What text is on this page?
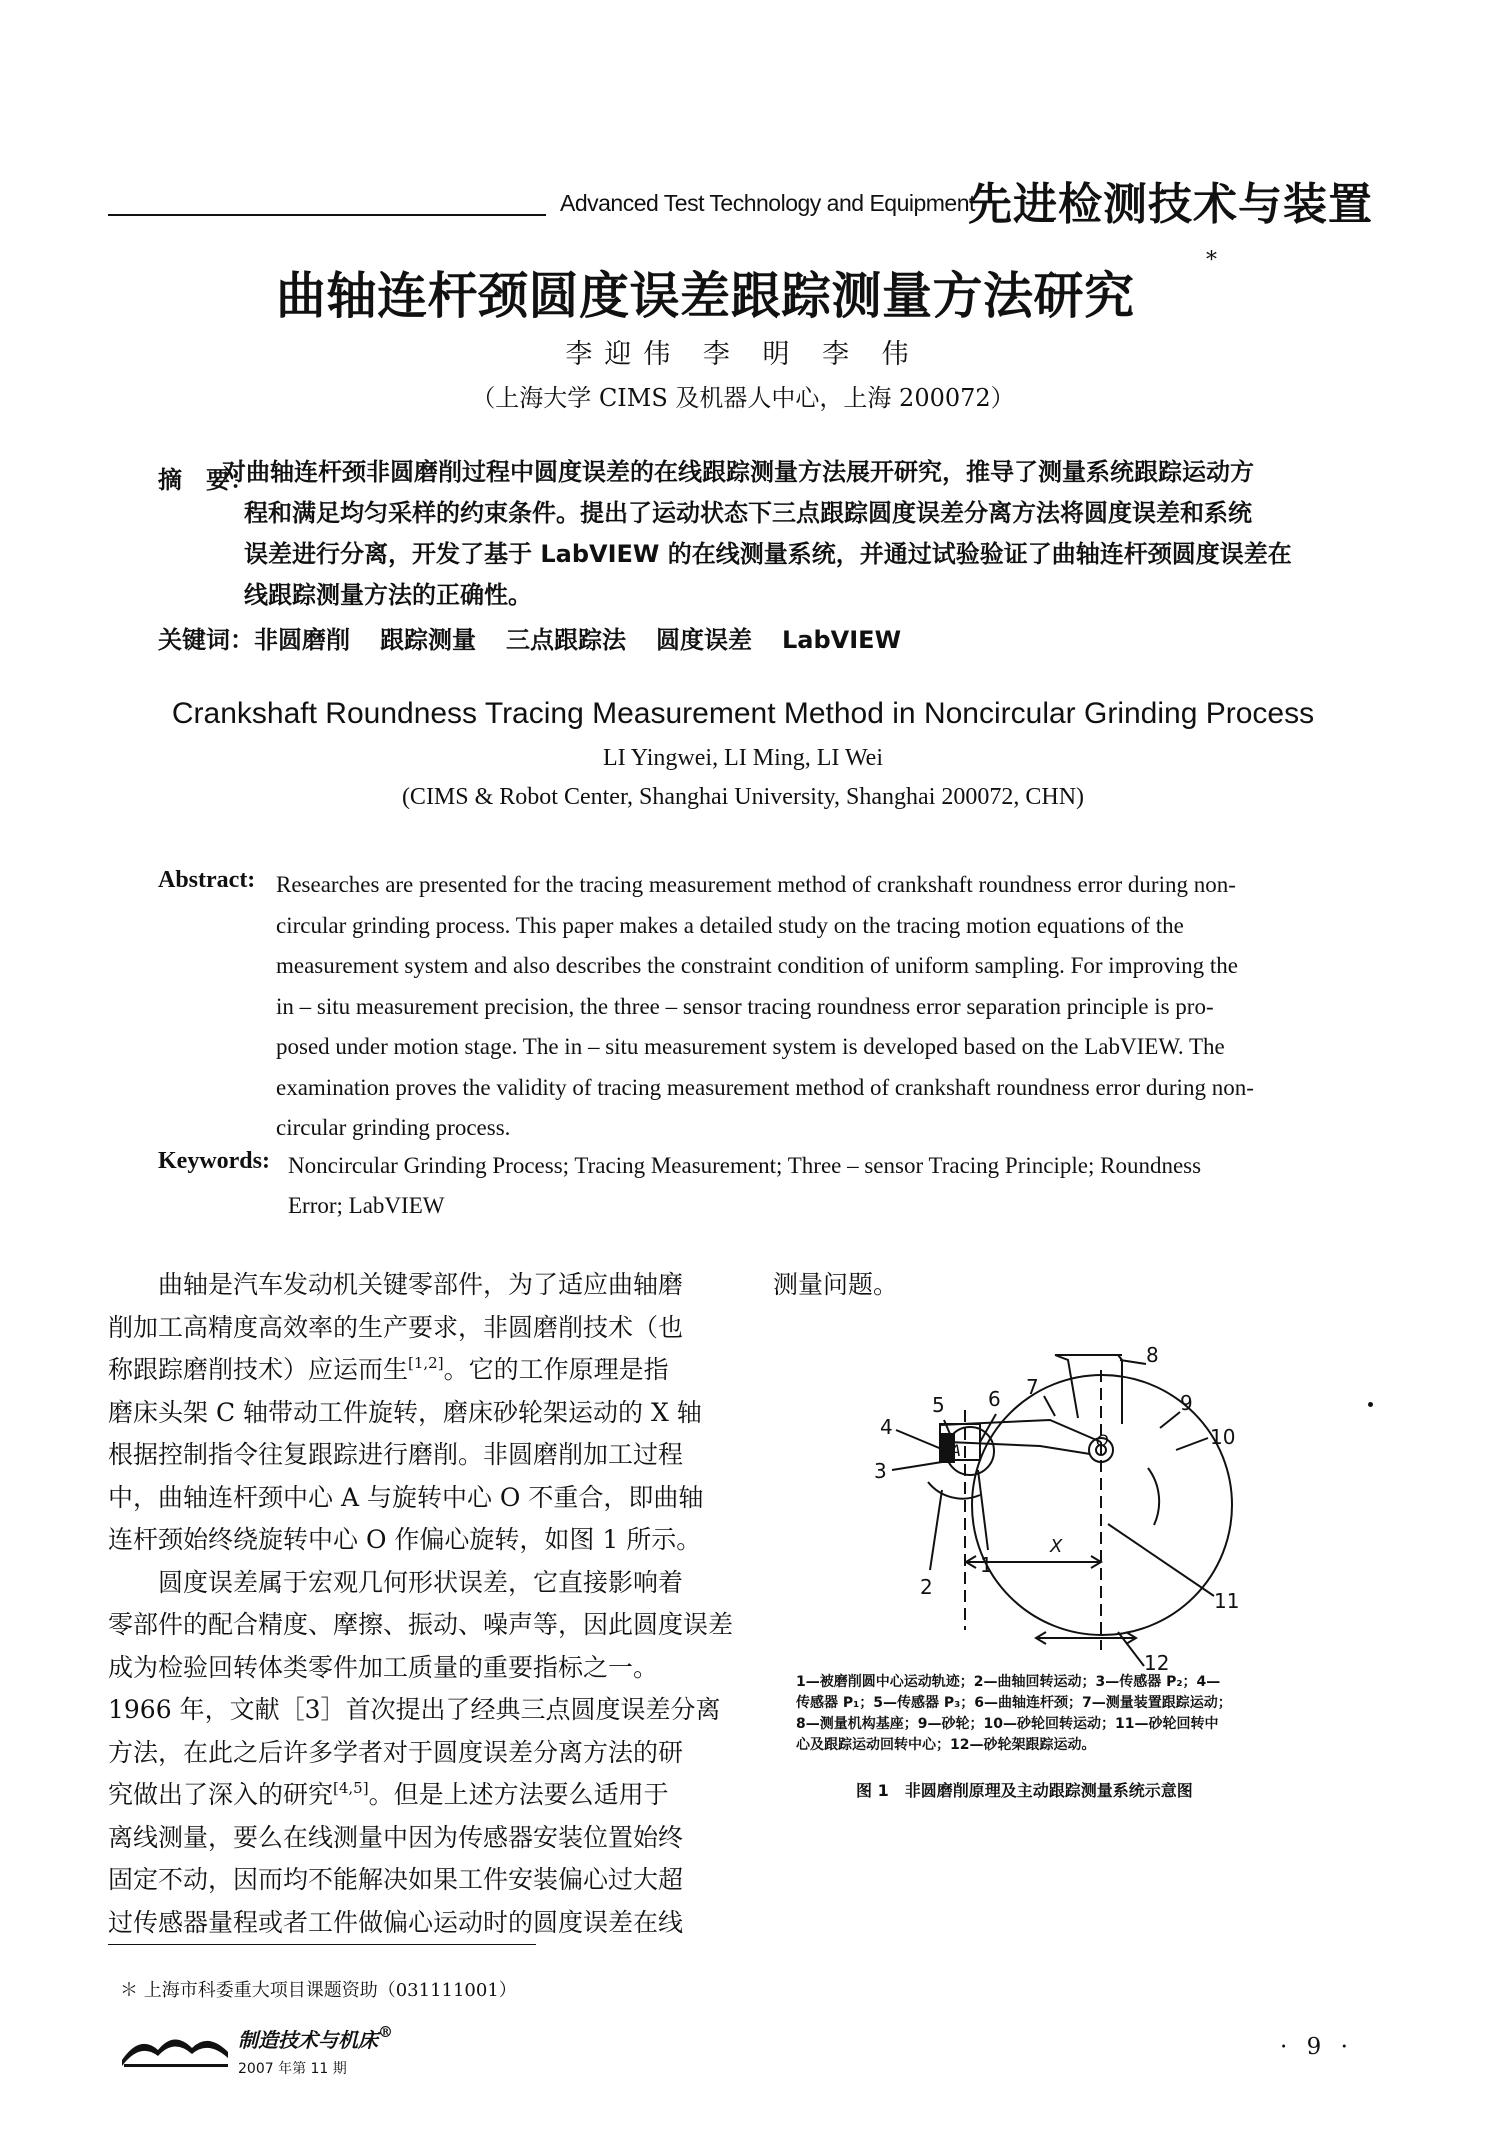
Advanced Test Technology and Equipment
先进检测技术与装置
曲轴连杆颈圆度误差跟踪测量方法研究
*
李迎伟 李 明 李 伟
（上海大学 CIMS 及机器人中心，上海 200072）
摘　要：
对曲轴连杆颈非圆磨削过程中圆度误差的在线跟踪测量方法展开研究，推导了测量系统跟踪运动方
程和满足均匀采样的约束条件。提出了运动状态下三点跟踪圆度误差分离方法将圆度误差和系统
误差进行分离，开发了基于 LabVIEW 的在线测量系统，并通过试验验证了曲轴连杆颈圆度误差在
线跟踪测量方法的正确性。
关键词：非圆磨削 跟踪测量 三点跟踪法 圆度误差 LabVIEW
Crankshaft Roundness Tracing Measurement Method in Noncircular Grinding Process
LI Yingwei, LI Ming, LI Wei
(CIMS & Robot Center, Shanghai University, Shanghai 200072, CHN)
Abstract: Researches are presented for the tracing measurement method of crankshaft roundness error during non-
circular grinding process. This paper makes a detailed study on the tracing motion equations of the
measurement system and also describes the constraint condition of uniform sampling. For improving the
in – situ measurement precision, the three – sensor tracing roundness error separation principle is pro-
posed under motion stage. The in – situ measurement system is developed based on the LabVIEW. The
examination proves the validity of tracing measurement method of crankshaft roundness error during non-
circular grinding process.
Keywords: Noncircular Grinding Process; Tracing Measurement; Three – sensor Tracing Principle; Roundness
Error; LabVIEW
曲轴是汽车发动机关键零部件，为了适应曲轴磨
削加工高精度高效率的生产要求，非圆磨削技术（也
称跟踪磨削技术）应运而生[1,2]。它的工作原理是指
磨床头架 C 轴带动工件旋转，磨床砂轮架运动的 X 轴
根据控制指令往复跟踪进行磨削。非圆磨削加工过程
中，曲轴连杆颈中心 A 与旋转中心 O 不重合，即曲轴
连杆颈始终绕旋转中心 O 作偏心旋转，如图 1 所示。
圆度误差属于宏观几何形状误差，它直接影响着
零部件的配合精度、摩擦、振动、噪声等，因此圆度误差
成为检验回转体类零件加工质量的重要指标之一。
1966 年，文献［3］首次提出了经典三点圆度误差分离
方法，在此之后许多学者对于圆度误差分离方法的研
究做出了深入的研究[4,5]。但是上述方法要么适用于
离线测量，要么在线测量中因为传感器安装位置始终
固定不动，因而均不能解决如果工件安装偏心过大超
过传感器量程或者工件做偏心运动时的圆度误差在线
测量问题。
1
2
3
4
5 6 7
8
9
10
11
12
A
O
X
1—被磨削圆中心运动轨迹；2—曲轴回转运动；3—传感器 P₂；4—
传感器 P₁；5—传感器 P₃；6—曲轴连杆颈；7—测量装置跟踪运动；
8—测量机构基座；9—砂轮；10—砂轮回转运动；11—砂轮回转中
心及跟踪运动回转中心；12—砂轮架跟踪运动。
图 1　非圆磨削原理及主动跟踪测量系统示意图
＊ 上海市科委重大项目课题资助（031111001）
制造技术与机床®
2007 年第 11 期
· 9 ·
